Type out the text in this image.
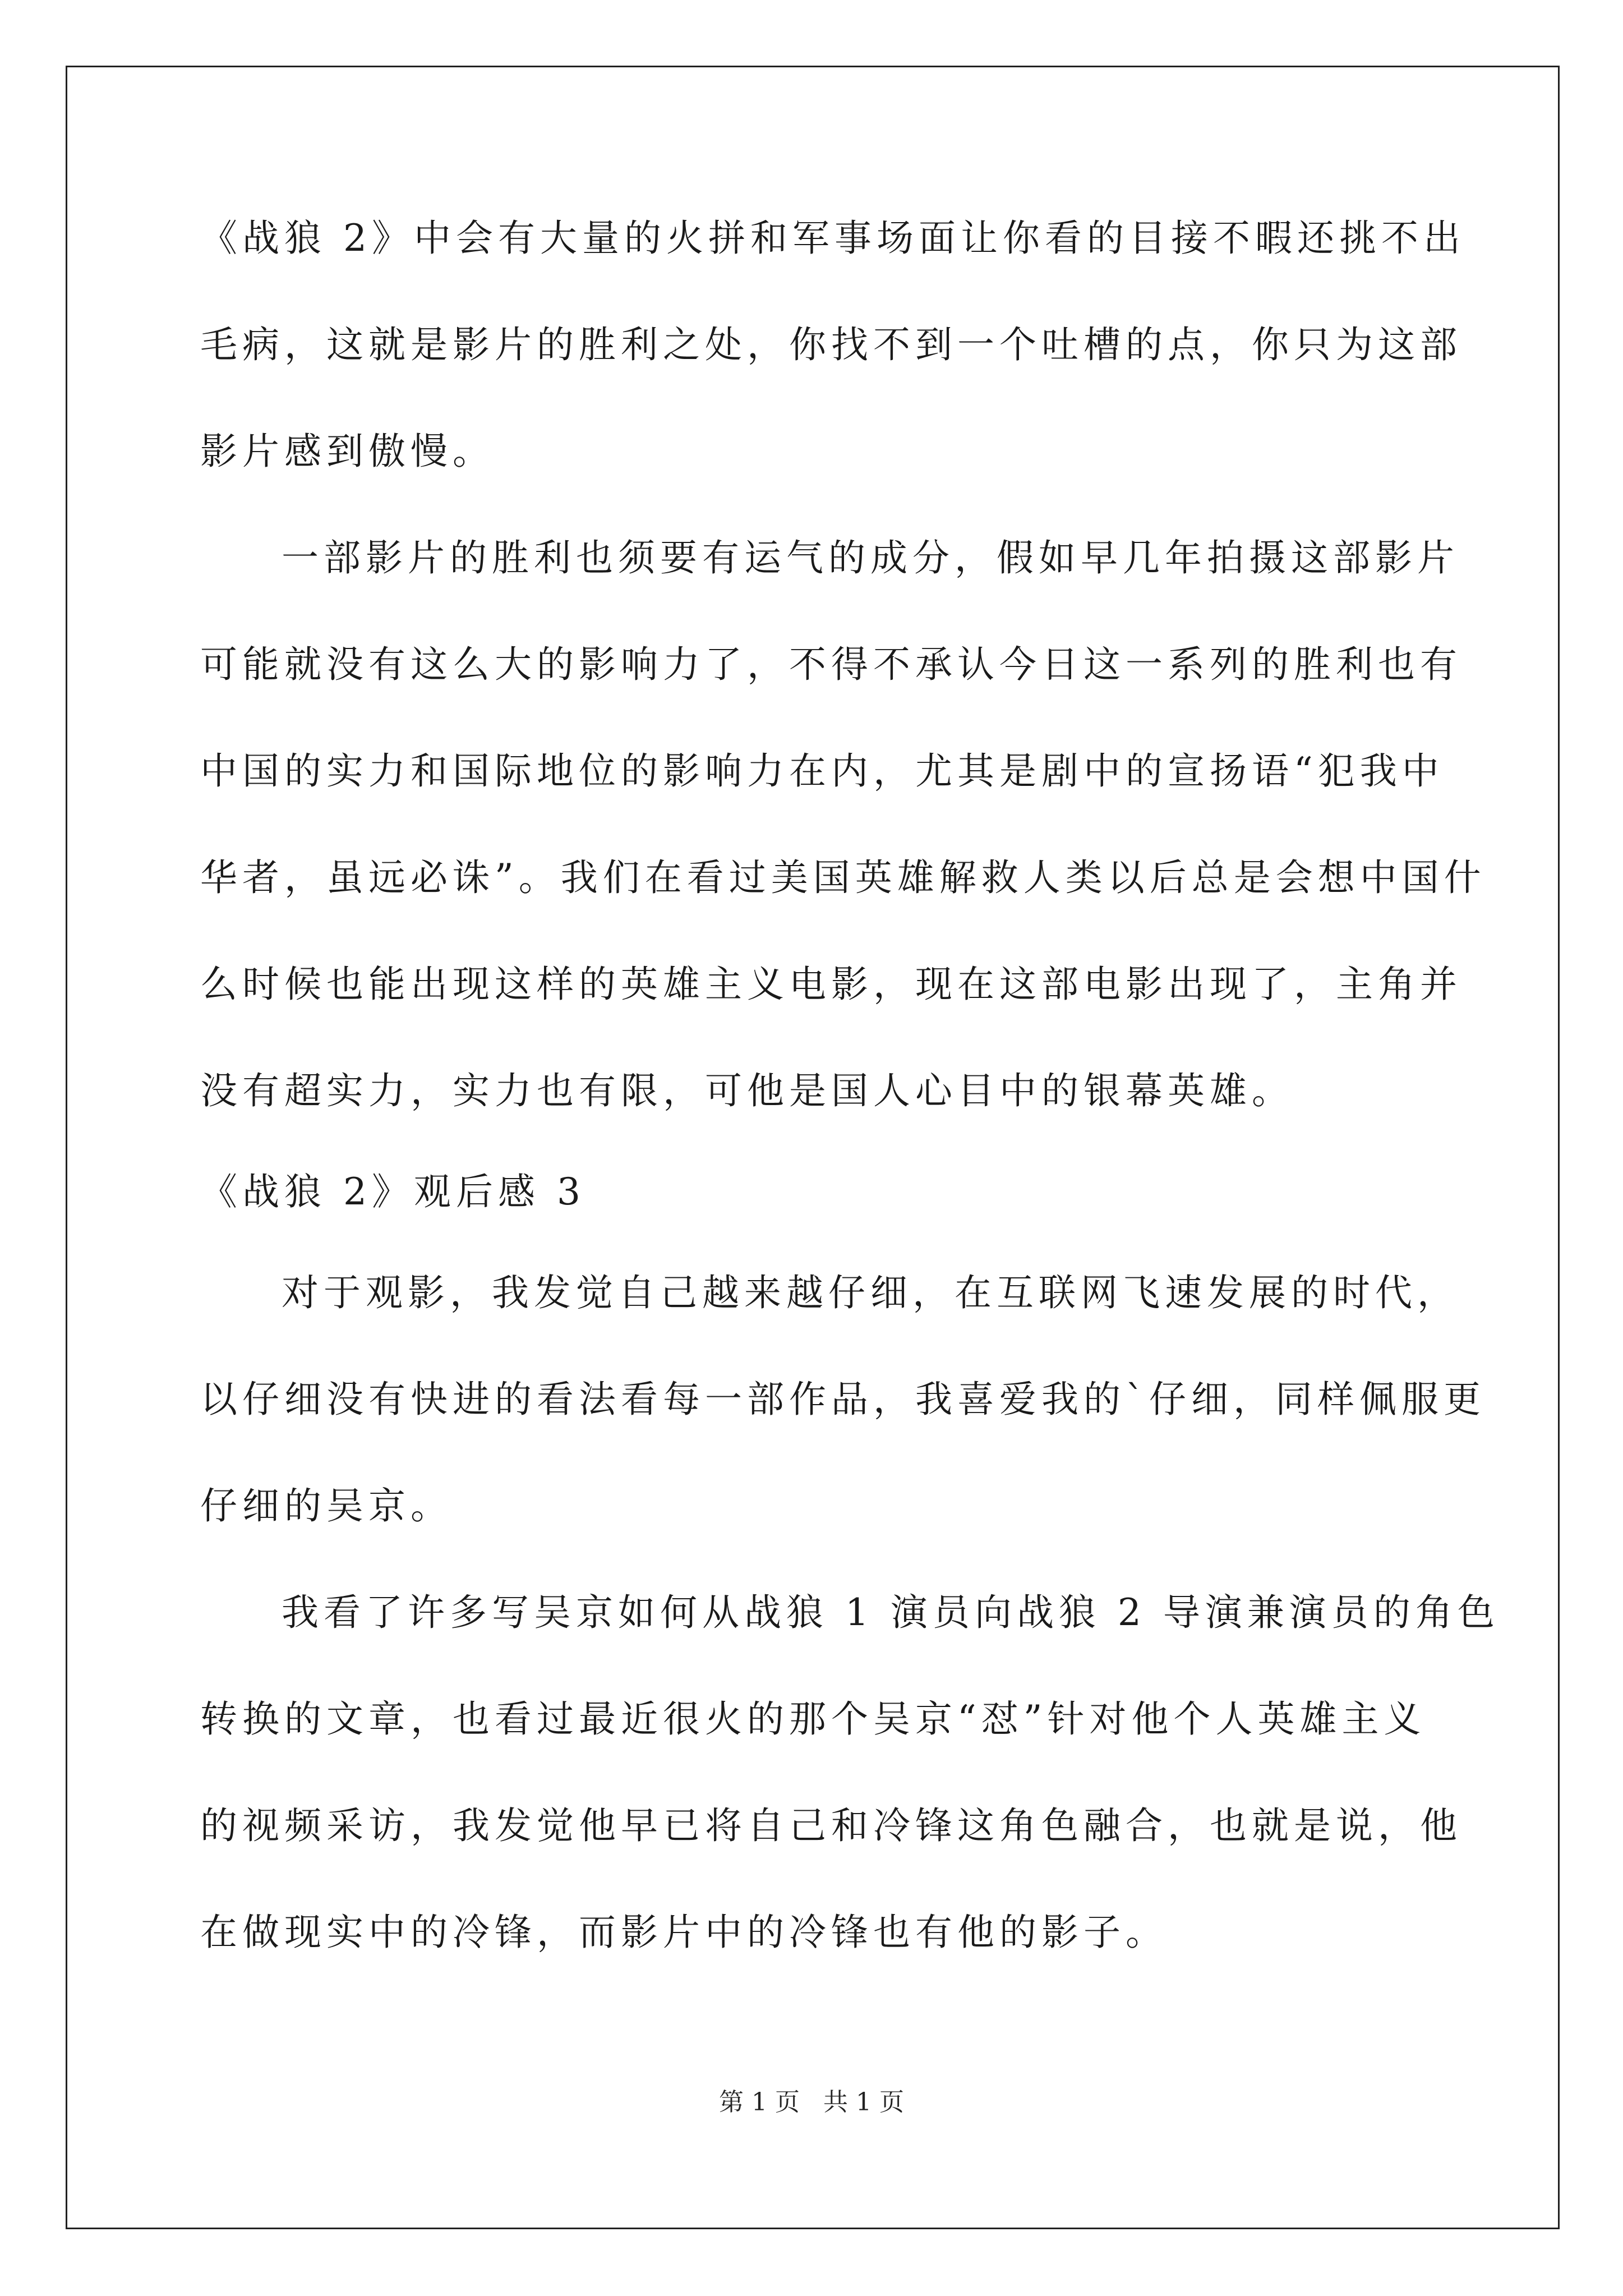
《战狼 2》中会有大量的火拼和军事场面让你看的目接不暇还挑不出
毛病，这就是影片的胜利之处，你找不到一个吐槽的点，你只为这部
影片感到傲慢。
一部影片的胜利也须要有运气的成分，假如早几年拍摄这部影片
可能就没有这么大的影响力了，不得不承认今日这一系列的胜利也有
中国的实力和国际地位的影响力在内，尤其是剧中的宣扬语“犯我中
华者，虽远必诛”。我们在看过美国英雄解救人类以后总是会想中国什
么时候也能出现这样的英雄主义电影，现在这部电影出现了，主角并
没有超实力，实力也有限，可他是国人心目中的银幕英雄。
《战狼 2》观后感 3
对于观影，我发觉自己越来越仔细，在互联网飞速发展的时代，
以仔细没有快进的看法看每一部作品，我喜爱我的`仔细，同样佩服更
仔细的吴京。
我看了许多写吴京如何从战狼 1 演员向战狼 2 导演兼演员的角色
转换的文章，也看过最近很火的那个吴京“怼”针对他个人英雄主义
的视频采访，我发觉他早已将自己和冷锋这角色融合，也就是说，他
在做现实中的冷锋，而影片中的冷锋也有他的影子。
第 1 页 共 1 页
